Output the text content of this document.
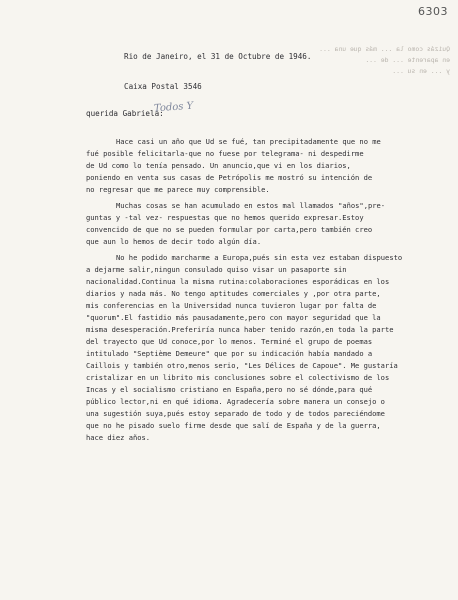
6303
Quizás como la ... más que una ...
en aparente ... de ...
y ... en su ...

Rio de Janeiro, el 31 de Octubre de 1946.

Caixa Postal 3546

querida Gabriela:
Todos Y
Hace casi un año que Ud se fué, tan precipitadamente que no me
fué posible felicitarla-que no fuese por telegrama- ni despedirme
de Ud como lo tenía pensado. Un anuncio,que vi en los diarios,
poniendo en venta sus casas de Petrópolis me mostró su intención de
no regresar que me parece muy comprensible.
Muchas cosas se han acumulado en estos mal llamados "años",pre-
guntas y -tal vez- respuestas que no hemos querido expresar.Estoy
convencido de que no se pueden formular por carta,pero también creo
que aun lo hemos de decir todo algún día.
No he podido marcharme a Europa,pués sin esta vez estaban dispuesto
a dejarme salir,ningun consulado quiso visar un pasaporte sin
nacionalidad.Continua la misma rutina:colaboraciones esporádicas en los
diarios y nada más. No tengo aptitudes comerciales y ,por otra parte,
mis conferencias en la Universidad nunca tuvieron lugar por falta de
"quorum".El fastidio más pausadamente,pero con mayor seguridad que la
misma desesperación.Preferiría nunca haber tenido razón,en toda la parte
del trayecto que Ud conoce,por lo menos. Terminé el grupo de poemas
intitulado "Septième Demeure" que por su indicación había mandado a
Caillois y también otro,menos serio, "Les Délices de Capoue". Me gustaría
cristalizar en un librito mis conclusiones sobre el colectivismo de los
Incas y el socialismo cristiano en España,pero no sé dónde,para qué
público lector,ni en qué idioma. Agradecería sobre manera un consejo o
una sugestión suya,pués estoy separado de todo y de todos pareciéndome
que no he pisado suelo firme desde que salí de España y de la guerra,
hace diez años.
